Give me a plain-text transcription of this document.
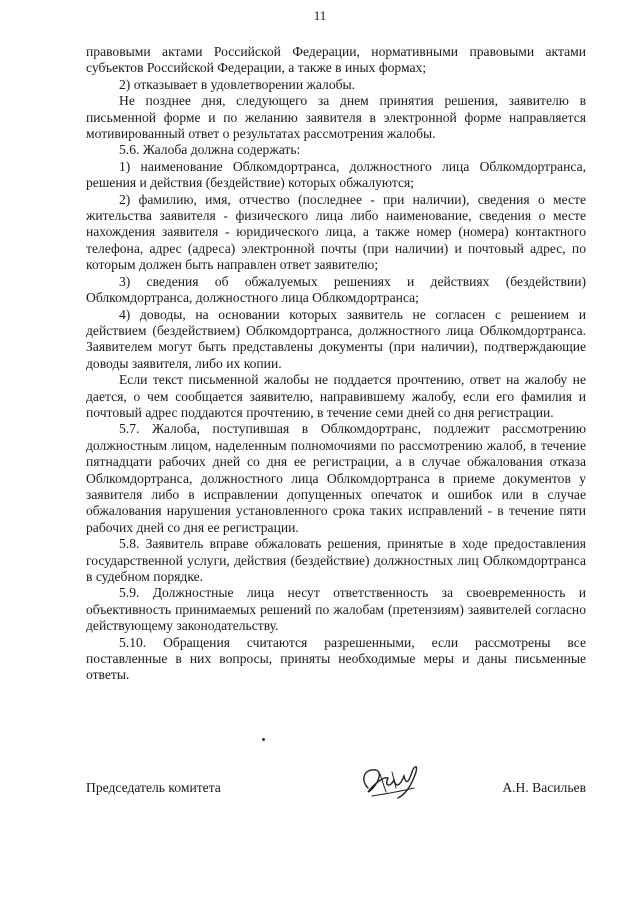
11

правовыми актами Российской Федерации, нормативными правовыми актами субъектов Российской Федерации, а также в иных формах;

2) отказывает в удовлетворении жалобы.

Не позднее дня, следующего за днем принятия решения, заявителю в письменной форме и по желанию заявителя в электронной форме направляется мотивированный ответ о результатах рассмотрения жалобы.

5.6. Жалоба должна содержать:

1) наименование Облкомдортранса, должностного лица Облкомдортранса, решения и действия (бездействие) которых обжалуются;

2) фамилию, имя, отчество (последнее - при наличии), сведения о месте жительства заявителя - физического лица либо наименование, сведения о месте нахождения заявителя - юридического лица, а также номер (номера) контактного телефона, адрес (адреса) электронной почты (при наличии) и почтовый адрес, по которым должен быть направлен ответ заявителю;

3) сведения об обжалуемых решениях и действиях (бездействии) Облкомдортранса, должностного лица Облкомдортранса;

4) доводы, на основании которых заявитель не согласен с решением и действием (бездействием) Облкомдортранса, должностного лица Облкомдортранса. Заявителем могут быть представлены документы (при наличии), подтверждающие доводы заявителя, либо их копии.

Если текст письменной жалобы не поддается прочтению, ответ на жалобу не дается, о чем сообщается заявителю, направившему жалобу, если его фамилия и почтовый адрес поддаются прочтению, в течение семи дней со дня регистрации.

5.7. Жалоба, поступившая в Облкомдортранс, подлежит рассмотрению должностным лицом, наделенным полномочиями по рассмотрению жалоб, в течение пятнадцати рабочих дней со дня ее регистрации, а в случае обжалования отказа Облкомдортранса, должностного лица Облкомдортранса в приеме документов у заявителя либо в исправлении допущенных опечаток и ошибок или в случае обжалования нарушения установленного срока таких исправлений - в течение пяти рабочих дней со дня ее регистрации.

5.8. Заявитель вправе обжаловать решения, принятые в ходе предоставления государственной услуги, действия (бездействие) должностных лиц Облкомдортранса в судебном порядке.

5.9. Должностные лица несут ответственность за своевременность и объективность принимаемых решений по жалобам (претензиям) заявителей согласно действующему законодательству.

5.10. Обращения считаются разрешенными, если рассмотрены все поставленные в них вопросы, приняты необходимые меры и даны письменные ответы.

Председатель комитета	А.Н. Васильев
